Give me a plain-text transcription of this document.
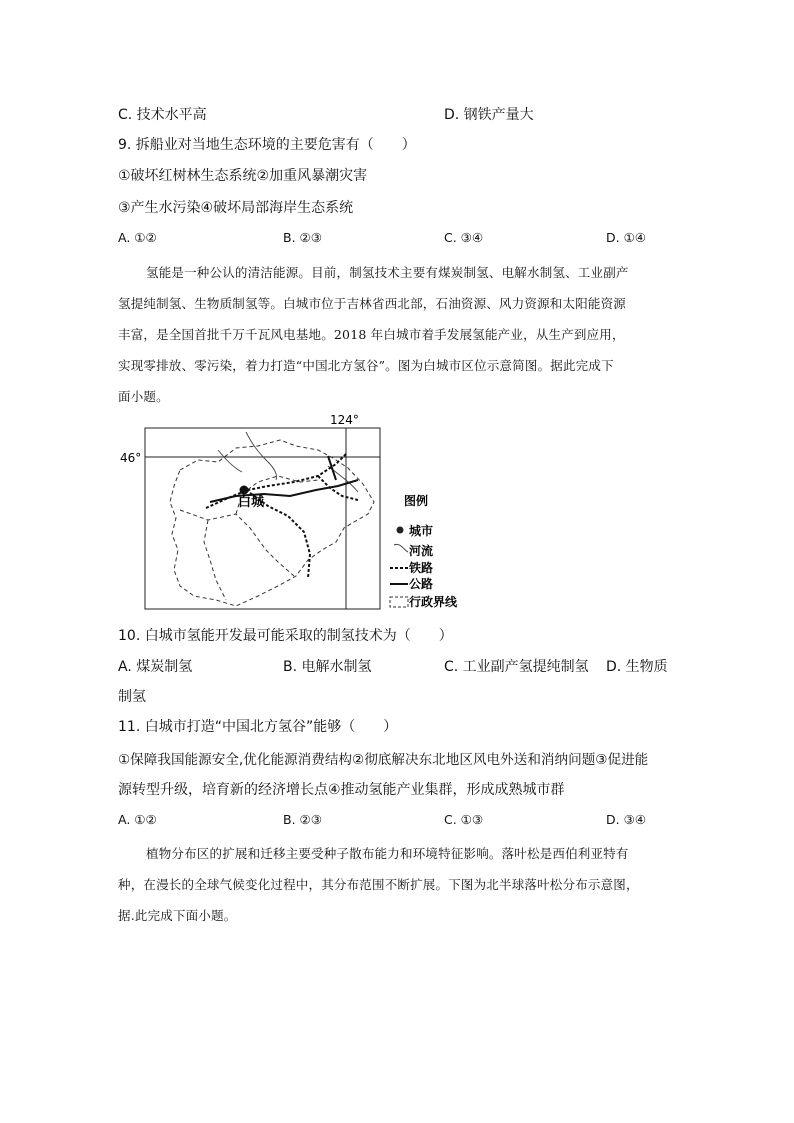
C. 技术水平高	D. 钢铁产量大
9. 拆船业对当地生态环境的主要危害有（　　）
①破坏红树林生态系统②加重风暴潮灾害
③产生水污染④破坏局部海岸生态系统
A. ①②	B. ②③	C. ③④	D. ①④
氢能是一种公认的清洁能源。目前，制氢技术主要有煤炭制氢、电解水制氢、工业副产
氢提纯制氢、生物质制氢等。白城市位于吉林省西北部，石油资源、风力资源和太阳能资源
丰富，是全国首批千万千瓦风电基地。2018 年白城市着手发展氢能产业，从生产到应用，
实现零排放、零污染，着力打造“中国北方氢谷”。图为白城市区位示意简图。据此完成下
面小题。
124°
46°
白城	图例
城市
河流
铁路
公路
行政界线
10. 白城市氢能开发最可能采取的制氢技术为（　　）
A. 煤炭制氢	B. 电解水制氢	C. 工业副产氢提纯制氢 D. 生物质
制氢
11. 白城市打造“中国北方氢谷”能够（　　）
①保障我国能源安全,优化能源消费结构②彻底解决东北地区风电外送和消纳问题③促进能
源转型升级，培育新的经济增长点④推动氢能产业集群，形成成熟城市群
A. ①②	B. ②③	C. ①③	D. ③④
植物分布区的扩展和迁移主要受种子散布能力和环境特征影响。落叶松是西伯利亚特有
种，在漫长的全球气候变化过程中，其分布范围不断扩展。下图为北半球落叶松分布示意图，
据.此完成下面小题。
